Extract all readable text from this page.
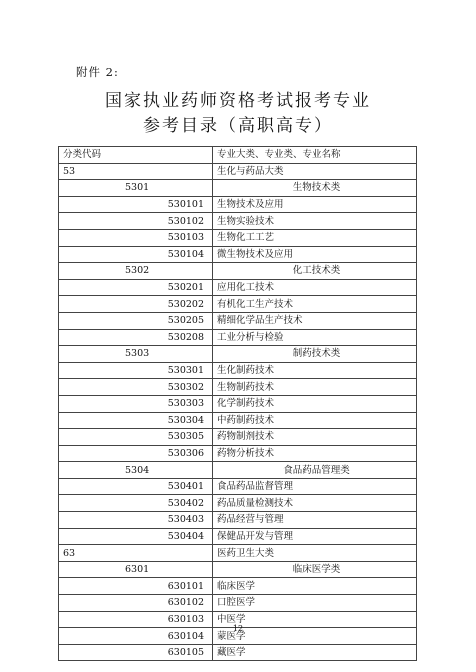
附件 2:
国家执业药师资格考试报考专业
参考目录（高职高专）
分类代码	专业大类、专业类、专业名称
53	生化与药品大类
5301	生物技术类
530101	生物技术及应用
530102	生物实验技术
530103	生物化工工艺
530104	微生物技术及应用
5302	化工技术类
530201	应用化工技术
530202	有机化工生产技术
530205	精细化学品生产技术
530208	工业分析与检验
5303	制药技术类
530301	生化制药技术
530302	生物制药技术
530303	化学制药技术
530304	中药制药技术
530305	药物制剂技术
530306	药物分析技术
5304	食品药品管理类
530401	食品药品监督管理
530402	药品质量检测技术
530403	药品经营与管理
530404	保健品开发与管理
63	医药卫生大类
6301	临床医学类
630101	临床医学
630102	口腔医学
630103	中医学
630104	蒙医学
630105	藏医学
12
